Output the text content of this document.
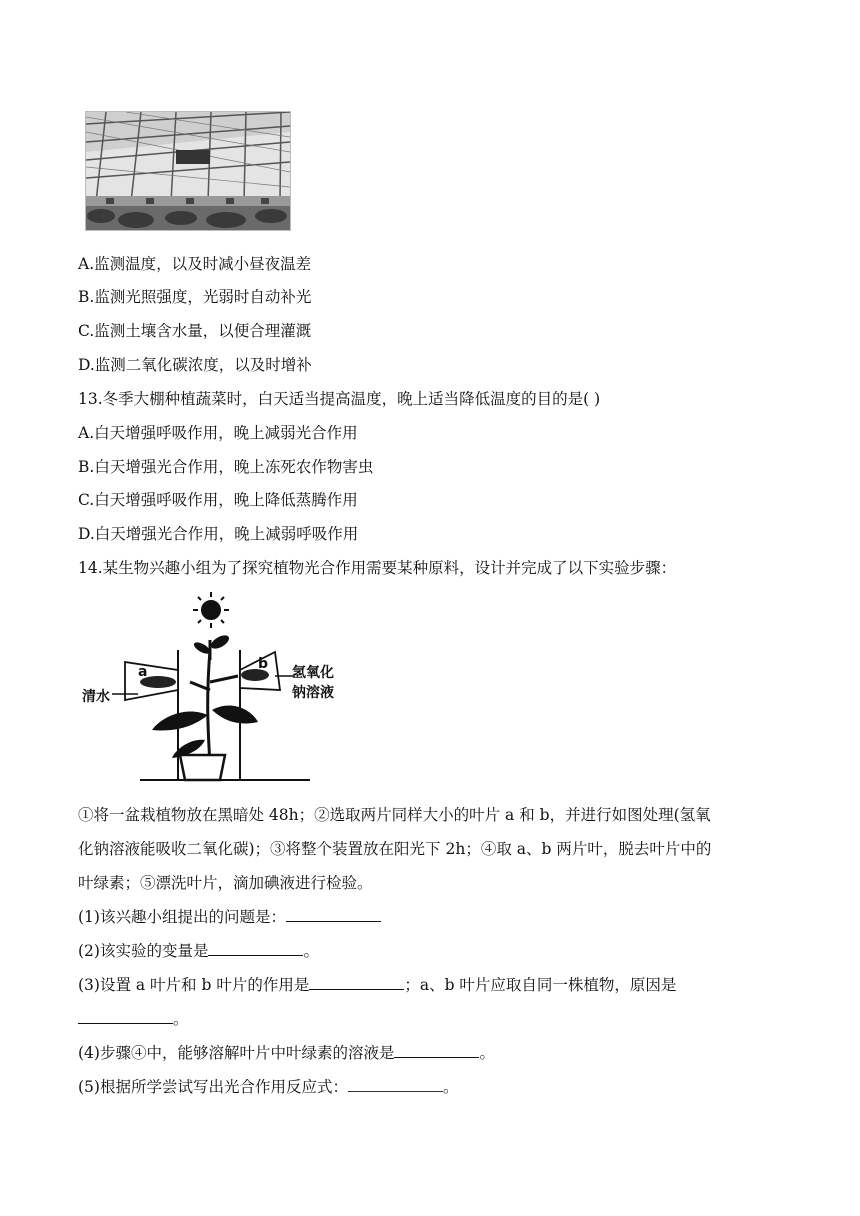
A.监测温度，以及时减小昼夜温差
B.监测光照强度，光弱时自动补光
C.监测土壤含水量，以便合理灌溉
D.监测二氧化碳浓度，以及时增补
13.冬季大棚种植蔬菜时，白天适当提高温度，晚上适当降低温度的目的是( )
A.白天增强呼吸作用，晚上减弱光合作用
B.白天增强光合作用，晚上冻死农作物害虫
C.白天增强呼吸作用，晚上降低蒸腾作用
D.白天增强光合作用，晚上减弱呼吸作用
14.某生物兴趣小组为了探究植物光合作用需要某种原料，设计并完成了以下实验步骤：
a	b
清水
氢氧化
钠溶液
①将一盆栽植物放在黑暗处 48h；②选取两片同样大小的叶片 a 和 b，并进行如图处理(氢氧
化钠溶液能吸收二氧化碳)；③将整个装置放在阳光下 2h；④取 a、b 两片叶，脱去叶片中的
叶绿素；⑤漂洗叶片，滴加碘液进行检验。
(1)该兴趣小组提出的问题是：
(2)该实验的变量是	。
(3)设置 a 叶片和 b 叶片的作用是	；a、b 叶片应取自同一株植物，原因是
。
(4)步骤④中，能够溶解叶片中叶绿素的溶液是	。
(5)根据所学尝试写出光合作用反应式：	。
